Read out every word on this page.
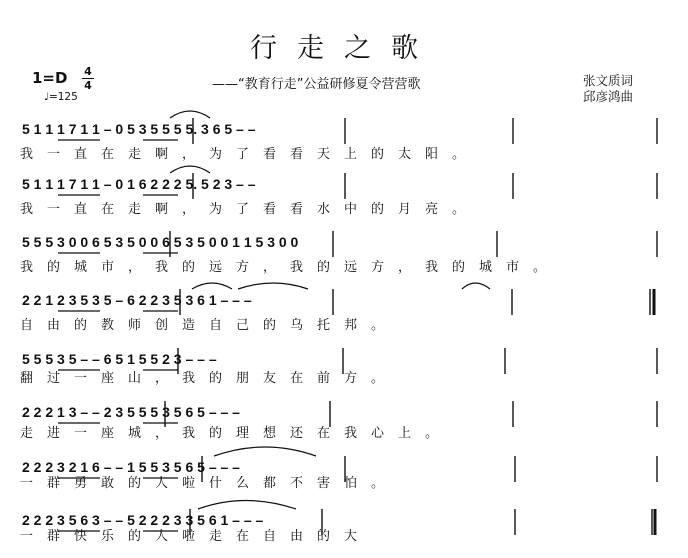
行走之歌
——“教育行走”公益研修夏令营营歌	张文质词
邱彦鸿曲
1=D 4
4
♩=125
5 1 1 1 7 1 1 – 0 5 3 5 5 5 5. 3 6 5 – –
我一直在走啊，为了看看天上的太阳。
5 1 1 1 7 1 1 – 0 1 6 2 2 2 5. 5 2 3 – –
我一直在走啊，为了看看水中的月亮。
5 5 5 3 0 0 6 5 3 5 0 0 6 5 3 5 0 0 1 1 5 3 0 0
我的城市，我的远方，我的远方，我的城市。
2 2 1 2 3 5 3 5 – 6 2 2 3 5 3 6 1 – – –
自由的教师创造自己的乌托邦。
5 5 5 3 5 – – 6 5 1 5 5 2 3 – – –
翻过一座山，我的朋友在前方。
2 2 2 1 3 – – 2 3 5 5 5 3 5 6 5 – – –
走进一座城，我的理想还在我心上。
2 2 2 3 2 1 6 – – 1 5 5 3 5 6 5 – – –
一群勇敢的人啦什么都不害怕。
2 2 2 3 5 6 3 – – 5 2 2 2 3 3 5 6 1 – – –
一群快乐的人啦走在自由的大
